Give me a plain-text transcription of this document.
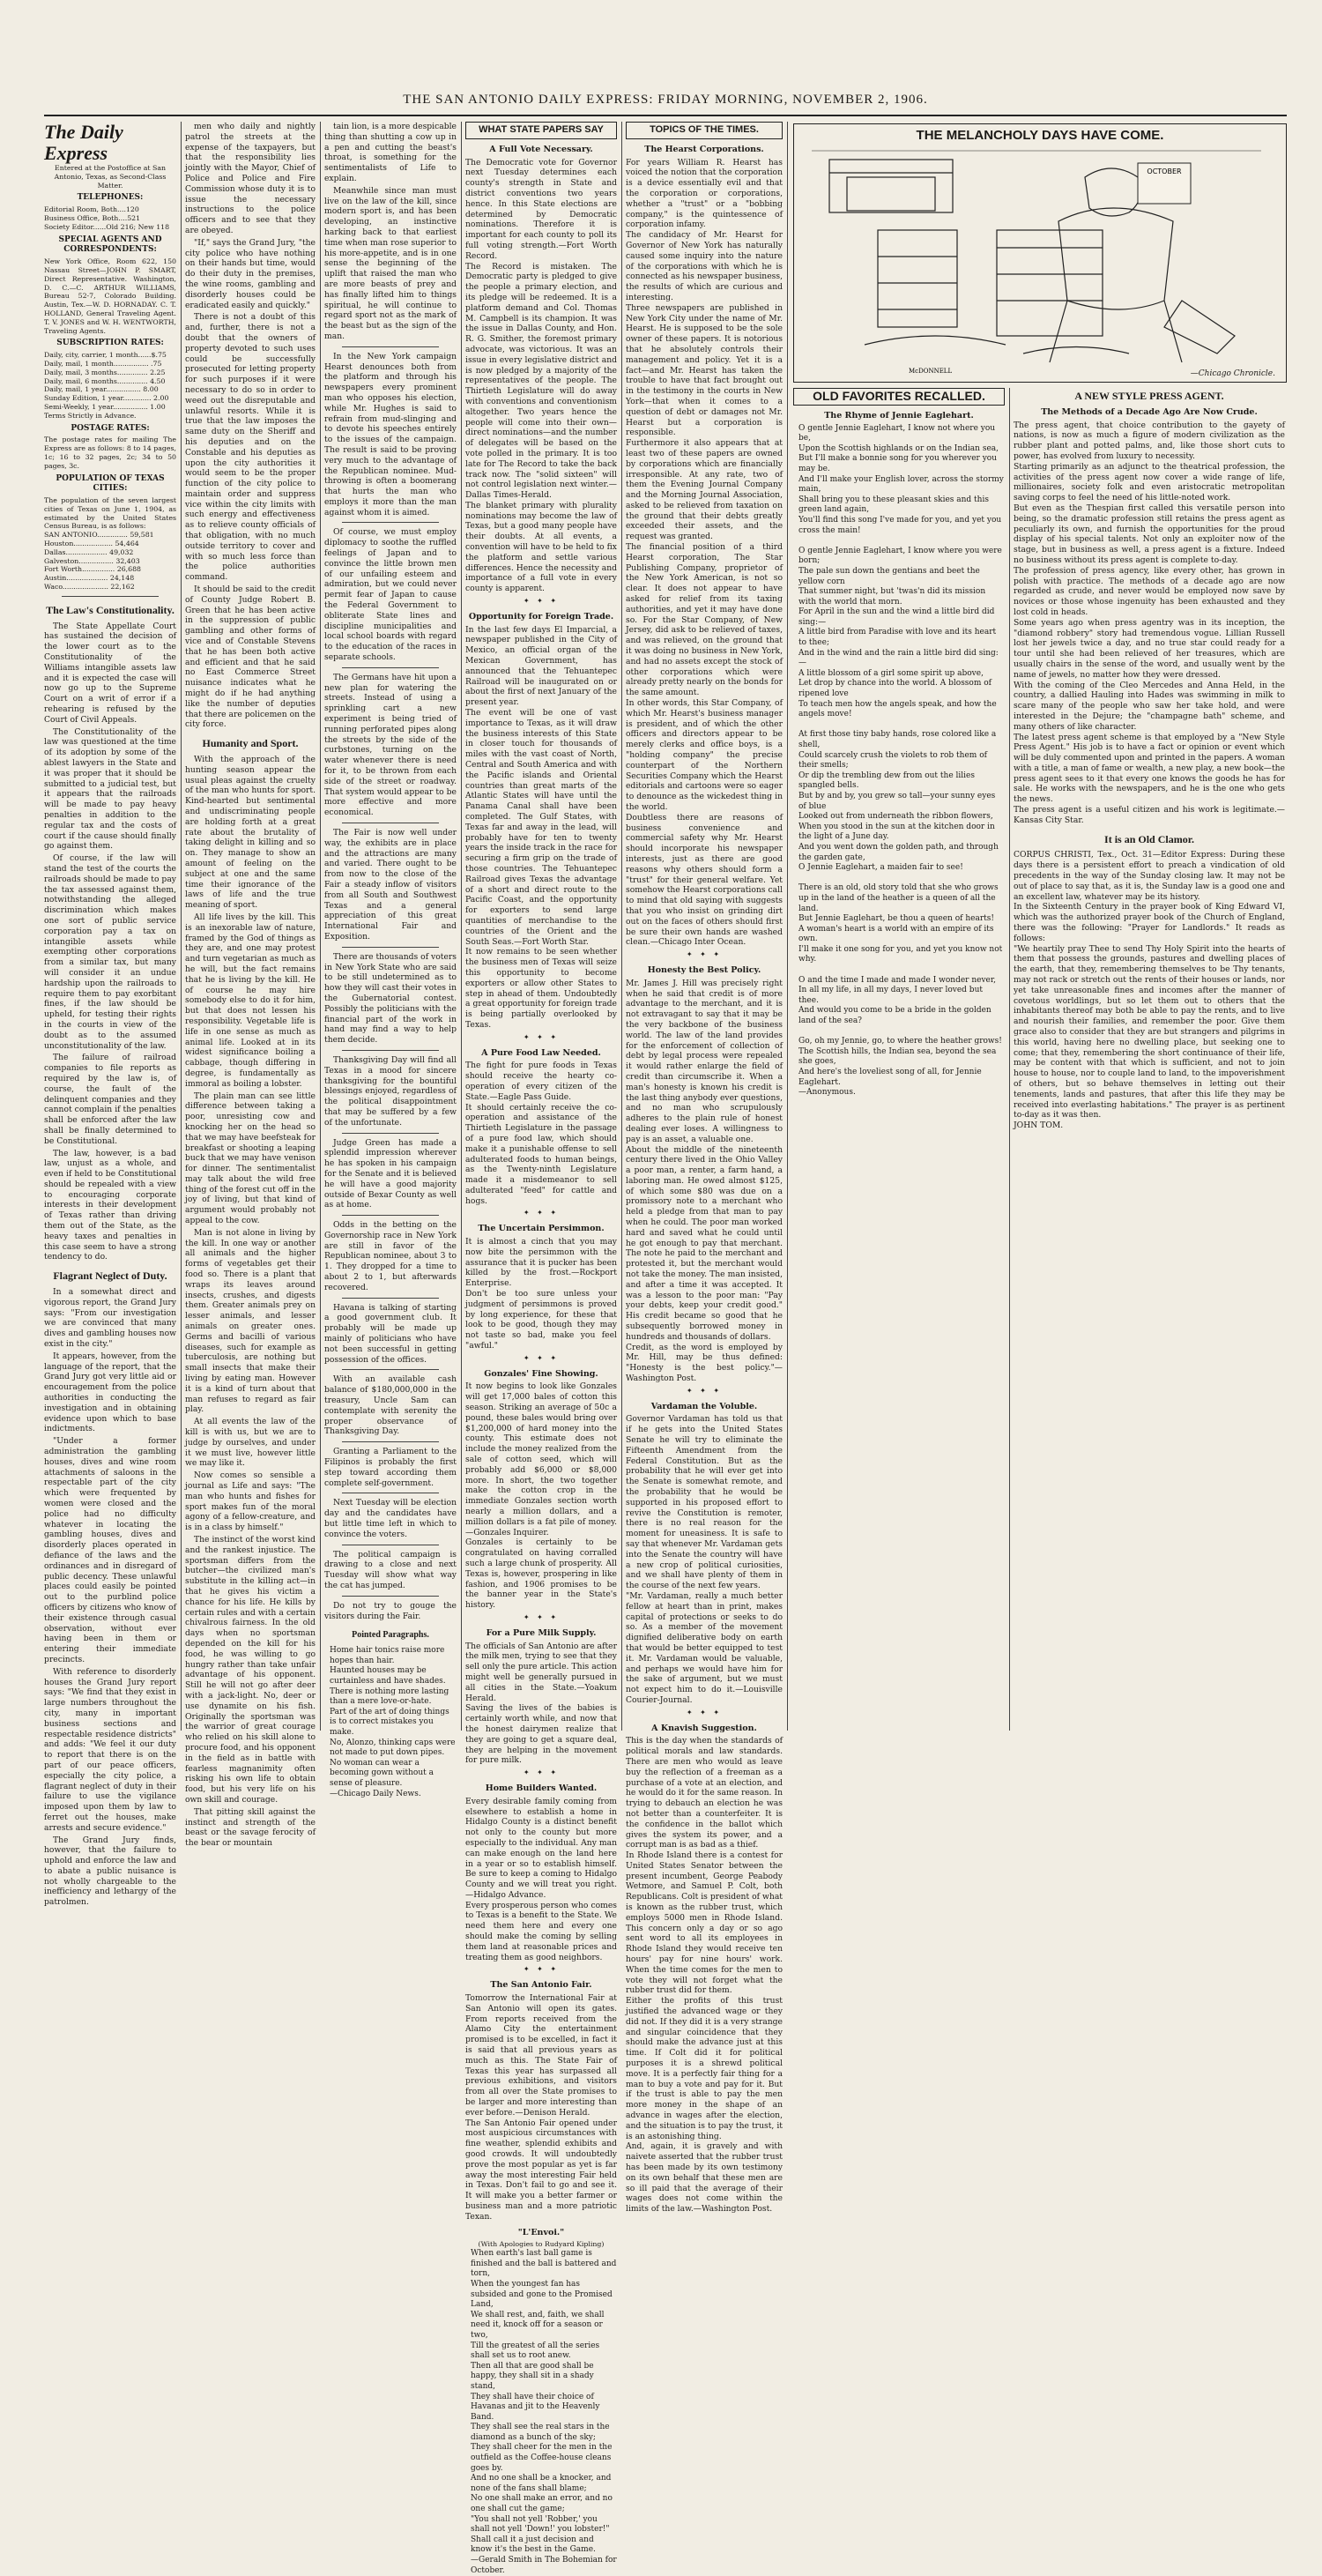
THE SAN ANTONIO DAILY EXPRESS: FRIDAY MORNING, NOVEMBER 2, 1906.
The Daily Express
Entered at the Postoffice at San Antonio, Texas, as Second-Class Matter.
TELEPHONES:
Editorial Room, Both....120
Business Office, Both....521
Society Editor......Old 216; New 118
SPECIAL AGENTS AND CORRESPONDENTS:
New York Office, Room 622, 150 Nassau Street—JOHN P. SMART, Direct Representative. Washington, D. C.—C. ARTHUR WILLIAMS, Bureau 52-7, Colorado Building. Austin, Tex.—W. D. HORNADAY. C. T. HOLLAND, General Traveling Agent. T. V. JONES and W. H. WENTWORTH, Traveling Agents.
SUBSCRIPTION RATES:
Daily, city, carrier, 1 month......$.75
Daily, mail, 1 month................ .75
Daily, mail, 3 months.............. 2.25
Daily, mail, 6 months.............. 4.50
Daily, mail, 1 year................ 8.00
Sunday Edition, 1 year............. 2.00
Semi-Weekly, 1 year................ 1.00
Terms Strictly in Advance.
POSTAGE RATES:
The postage rates for mailing The Express are as follows: 8 to 14 pages, 1c; 16 to 32 pages, 2c; 34 to 50 pages, 3c.
POPULATION OF TEXAS CITIES:
The population of the seven largest cities of Texas on June 1, 1904, as estimated by the United States Census Bureau, is as follows:
SAN ANTONIO.............. 59,581
Houston.................. 54,464
Dallas................... 49,032
Galveston................ 32,403
Fort Worth............... 26,688
Austin................... 24,148
Waco..................... 22,162
The Law's Constitutionality.

The State Appellate Court has sustained the decision of the lower court as to the Constitutionality of the Williams intangible assets law and it is expected the case will now go up to the Supreme Court on a writ of error if a rehearing is refused by the Court of Civil Appeals.

The Constitutionality of the law was questioned at the time of its adoption by some of the ablest lawyers in the State and it was proper that it should be submitted to a judicial test, but it appears that the railroads will be made to pay heavy penalties in addition to the regular tax and the costs of court if the cause should finally go against them.

Of course, if the law will stand the test of the courts the railroads should be made to pay the tax assessed against them, notwithstanding the alleged discrimination which makes one sort of public service corporation pay a tax on intangible assets while exempting other corporations from a similar tax, but many will consider it an undue hardship upon the railroads to require them to pay exorbitant fines, if the law should be upheld, for testing their rights in the courts in view of the doubt as to the assumed unconstitutionality of the law.

The failure of railroad companies to file reports as required by the law is, of course, the fault of the delinquent companies and they cannot complain if the penalties shall be enforced after the law shall be finally determined to be Constitutional.

The law, however, is a bad law, unjust as a whole, and even if held to be Constitutional should be repealed with a view to encouraging corporate interests in their development of Texas rather than driving them out of the State, as the heavy taxes and penalties in this case seem to have a strong tendency to do.

Flagrant Neglect of Duty.

In a somewhat direct and vigorous report, the Grand Jury says: "From our investigation we are convinced that many dives and gambling houses now exist in the city."

It appears, however, from the language of the report, that the Grand Jury got very little aid or encouragement from the police authorities in conducting the investigation and in obtaining evidence upon which to base indictments.

"Under a former administration the gambling houses, dives and wine room attachments of saloons in the respectable part of the city which were frequented by women were closed and the police had no difficulty whatever in locating the gambling houses, dives and disorderly places operated in defiance of the laws and the ordinances and in disregard of public decency. These unlawful places could easily be pointed out to the purblind police officers by citizens who know of their existence through casual observation, without ever having been in them or entering their immediate precincts.

With reference to disorderly houses the Grand Jury report says: "We find that they exist in large numbers throughout the city, many in important business sections and respectable residence districts" and adds: "We feel it our duty to report that there is on the part of our peace officers, especially the city police, a flagrant neglect of duty in their failure to use the vigilance imposed upon them by law to ferret out the houses, make arrests and secure evidence."

The Grand Jury finds, however, that the failure to uphold and enforce the law and to abate a public nuisance is not wholly chargeable to the inefficiency and lethargy of the patrolmen.

men who daily and nightly patrol the streets at the expense of the taxpayers, but that the responsibility lies jointly with the Mayor, Chief of Police and Police and Fire Commission whose duty it is to issue the necessary instructions to the police officers and to see that they are obeyed.

"If," says the Grand Jury, "the city police who have nothing on their hands but time, would do their duty in the premises, the wine rooms, gambling and disorderly houses could be eradicated easily and quickly."

There is not a doubt of this and, further, there is not a doubt that the owners of property devoted to such uses could be successfully prosecuted for letting property for such purposes if it were necessary to do so in order to weed out the disreputable and unlawful resorts. While it is true that the law imposes the same duty on the Sheriff and his deputies and on the Constable and his deputies as upon the city authorities it would seem to be the proper function of the city police to maintain order and suppress vice within the city limits with such energy and effectiveness as to relieve county officials of that obligation, with no much outside territory to cover and with so much less force than the police authorities command.

It should be said to the credit of County Judge Robert B. Green that he has been active in the suppression of public gambling and other forms of vice and of Constable Stevens that he has been both active and efficient and that he said no East Commerce Street nuisance indicates what he might do if he had anything like the number of deputies that there are policemen on the city force.

Humanity and Sport.

With the approach of the hunting season appear the usual pleas against the cruelty of the man who hunts for sport. Kind-hearted but sentimental and undiscriminating people are holding forth at a great rate about the brutality of taking delight in killing and so on. They manage to show an amount of feeling on the subject at one and the same time their ignorance of the laws of life and the true meaning of sport.

All life lives by the kill. This is an inexorable law of nature, framed by the God of things as they are, and one may protest and turn vegetarian as much as he will, but the fact remains that he is living by the kill. He of course he may hire somebody else to do it for him, but that does not lessen his responsibility. Vegetable life is life in one sense as much as animal life. Looked at in its widest significance boiling a cabbage, though differing in degree, is fundamentally as immoral as boiling a lobster.

The plain man can see little difference between taking a poor, unresisting cow and knocking her on the head so that we may have beefsteak for breakfast or shooting a leaping buck that we may have venison for dinner. The sentimentalist may talk about the wild free thing of the forest cut off in the joy of living, but that kind of argument would probably not appeal to the cow.

Man is not alone in living by the kill. In one way or another all animals and the higher forms of vegetables get their food so. There is a plant that wraps its leaves around insects, crushes, and digests them. Greater animals prey on lesser animals, and lesser animals on greater ones. Germs and bacilli of various diseases, such for example as tuberculosis, are nothing but small insects that make their living by eating man. However it is a kind of turn about that man refuses to regard as fair play.

At all events the law of the kill is with us, but we are to judge by ourselves, and under it we must live, however little we may like it.

Now comes so sensible a journal as Life and says: "The man who hunts and fishes for sport makes fun of the moral agony of a fellow-creature, and is in a class by himself."

The instinct of the worst kind and the rankest injustice. The sportsman differs from the butcher—the civilized man's substitute in the killing act—in that he gives his victim a chance for his life. He kills by certain rules and with a certain chivalrous fairness. In the old days when no sportsman depended on the kill for his food, he was willing to go hungry rather than take unfair advantage of his opponent. Still he will not go after deer with a jack-light. No, deer or use dynamite on his fish. Originally the sportsman was the warrior of great courage who relied on his skill alone to procure food, and his opponent in the field as in battle with fearless magnanimity often risking his own life to obtain food, but his very life on his own skill and courage.

That pitting skill against the instinct and strength of the beast or the savage ferocity of the bear or mountain

tain lion, is a more despicable thing than shutting a cow up in a pen and cutting the beast's throat, is something for the sentimentalists of Life to explain.

Meanwhile since man must live on the law of the kill, since modern sport is, and has been developing, an instinctive harking back to that earliest time when man rose superior to his more-appetite, and is in one sense the beginning of the uplift that raised the man who are more beasts of prey and has finally lifted him to things spiritual, he will continue to regard sport not as the mark of the beast but as the sign of the man.

In the New York campaign Hearst denounces both from the platform and through his newspapers every prominent man who opposes his election, while Mr. Hughes is said to refrain from mud-slinging and to devote his speeches entirely to the issues of the campaign. The result is said to be proving very much to the advantage of the Republican nominee. Mud-throwing is often a boomerang that hurts the man who employs it more than the man against whom it is aimed.

Of course, we must employ diplomacy to soothe the ruffled feelings of Japan and to convince the little brown men of our unfailing esteem and admiration, but we could never permit fear of Japan to cause the Federal Government to obliterate State lines and discipline municipalities and local school boards with regard to the education of the races in separate schools.

The Germans have hit upon a new plan for watering the streets. Instead of using a sprinkling cart a new experiment is being tried of running perforated pipes along the streets by the side of the curbstones, turning on the water whenever there is need for it, to be thrown from each side of the street or roadway. That system would appear to be more effective and more economical.

The Fair is now well under way, the exhibits are in place and the attractions are many and varied. There ought to be from now to the close of the Fair a steady inflow of visitors from all South and Southwest Texas and a general appreciation of this great International Fair and Exposition.

There are thousands of voters in New York State who are said to be still undetermined as to how they will cast their votes in the Gubernatorial contest. Possibly the politicians with the financial part of the work in hand may find a way to help them decide.

Thanksgiving Day will find all Texas in a mood for sincere thanksgiving for the bountiful blessings enjoyed, regardless of the political disappointment that may be suffered by a few of the unfortunate.

Judge Green has made a splendid impression wherever he has spoken in his campaign for the Senate and it is believed he will have a good majority outside of Bexar County as well as at home.

Odds in the betting on the Governorship race in New York are still in favor of the Republican nominee, about 3 to 1. They dropped for a time to about 2 to 1, but afterwards recovered.

Havana is talking of starting a good government club. It probably will be made up mainly of politicians who have not been successful in getting possession of the offices.

With an available cash balance of $180,000,000 in the treasury, Uncle Sam can contemplate with serenity the proper observance of Thanksgiving Day.

Granting a Parliament to the Filipinos is probably the first step toward according them complete self-government.

Next Tuesday will be election day and the candidates have but little time left in which to convince the voters.

The political campaign is drawing to a close and next Tuesday will show what way the cat has jumped.

Do not try to gouge the visitors during the Fair.

Pointed Paragraphs.
Home hair tonics raise more hopes than hair.
Haunted houses may be curtainless and have shades.
There is nothing more lasting than a mere love-or-hate.
Part of the art of doing things is to correct mistakes you make.
No, Alonzo, thinking caps were not made to put down pipes.
No woman can wear a becoming gown without a sense of pleasure.
—Chicago Daily News.
WHAT STATE PAPERS SAY
A Full Vote Necessary.
The Democratic vote for Governor next Tuesday determines each county's strength in State and district conventions two years hence. In this State elections are determined by Democratic nominations. Therefore it is important for each county to poll its full voting strength.—Fort Worth Record.
The Record is mistaken. The Democratic party is pledged to give the people a primary election, and its pledge will be redeemed. It is a platform demand and Col. Thomas M. Campbell is its champion. It was the issue in Dallas County, and Hon. R. G. Smither, the foremost primary advocate, was victorious. It was an issue in every legislative district and is now pledged by a majority of the representatives of the people. The Thirtieth Legislature will do away with conventions and conventionism altogether. Two years hence the people will come into their own—direct nominations—and the number of delegates will be based on the vote polled in the primary. It is too late for The Record to take the back track now. The "solid sixteen" will not control legislation next winter.—Dallas Times-Herald.
The blanket primary with plurality nominations may become the law of Texas, but a good many people have their doubts. At all events, a convention will have to be held to fix the platform and settle various differences. Hence the necessity and importance of a full vote in every county is apparent.
✦ ✦ ✦
Opportunity for Foreign Trade.
In the last few days El Imparcial, a newspaper published in the City of Mexico, an official organ of the Mexican Government, has announced that the Tehuantepec Railroad will be inaugurated on or about the first of next January of the present year.
The event will be one of vast importance to Texas, as it will draw the business interests of this State in closer touch for thousands of miles with the vast coast of North, Central and South America and with the Pacific islands and Oriental countries than great marts of the Atlantic States will have until the Panama Canal shall have been completed. The Gulf States, with Texas far and away in the lead, will probably have for ten to twenty years the inside track in the race for securing a firm grip on the trade of those countries. The Tehuantepec Railroad gives Texas the advantage of a short and direct route to the Pacific Coast, and the opportunity for exporters to send large quantities of merchandise to the countries of the Orient and the South Seas.—Fort Worth Star.
It now remains to be seen whether the business men of Texas will seize this opportunity to become exporters or allow other States to step in ahead of them. Undoubtedly a great opportunity for foreign trade is being partially overlooked by Texas.
✦ ✦ ✦
A Pure Food Law Needed.
The fight for pure foods in Texas should receive the hearty co-operation of every citizen of the State.—Eagle Pass Guide.
It should certainly receive the co-operation and assistance of the Thirtieth Legislature in the passage of a pure food law, which should make it a punishable offense to sell adulterated foods to human beings, as the Twenty-ninth Legislature made it a misdemeanor to sell adulterated "feed" for cattle and hogs.
✦ ✦ ✦
The Uncertain Persimmon.
It is almost a cinch that you may now bite the persimmon with the assurance that it is pucker has been killed by the frost.—Rockport Enterprise.
Don't be too sure unless your judgment of persimmons is proved by long experience, for these that look to be good, though they may not taste so bad, make you feel "awful."
✦ ✦ ✦
Gonzales' Fine Showing.
It now begins to look like Gonzales will get 17,000 bales of cotton this season. Striking an average of 50c a pound, these bales would bring over $1,200,000 of hard money into the county. This estimate does not include the money realized from the sale of cotton seed, which will probably add $6,000 or $8,000 more. In short, the two together make the cotton crop in the immediate Gonzales section worth nearly a million dollars, and a million dollars is a fat pile of money.—Gonzales Inquirer.
Gonzales is certainly to be congratulated on having corralled such a large chunk of prosperity. All Texas is, however, prospering in like fashion, and 1906 promises to be the banner year in the State's history.
✦ ✦ ✦
For a Pure Milk Supply.
The officials of San Antonio are after the milk men, trying to see that they sell only the pure article. This action might well be generally pursued in all cities in the State.—Yoakum Herald.
Saving the lives of the babies is certainly worth while, and now that the honest dairymen realize that they are going to get a square deal, they are helping in the movement for pure milk.
✦ ✦ ✦
Home Builders Wanted.
Every desirable family coming from elsewhere to establish a home in Hidalgo County is a distinct benefit not only to the county but more especially to the individual. Any man can make enough on the land here in a year or so to establish himself. Be sure to keep a coming to Hidalgo County and we will treat you right.—Hidalgo Advance.
Every prosperous person who comes to Texas is a benefit to the State. We need them here and every one should make the coming by selling them land at reasonable prices and treating them as good neighbors.
✦ ✦ ✦
The San Antonio Fair.
Tomorrow the International Fair at San Antonio will open its gates. From reports received from the Alamo City the entertainment promised is to be excelled, in fact it is said that all previous years as much as this. The State Fair of Texas this year has surpassed all previous exhibitions, and visitors from all over the State promises to be larger and more interesting than ever before.—Denison Herald.
The San Antonio Fair opened under most auspicious circumstances with fine weather, splendid exhibits and good crowds. It will undoubtedly prove the most popular as yet is far away the most interesting Fair held in Texas. Don't fail to go and see it. It will make you a better farmer or business man and a more patriotic Texan.
"L'Envoi."
(With Apologies to Rudyard Kipling)
When earth's last ball game is finished and the ball is battered and torn,
When the youngest fan has subsided and gone to the Promised Land,
We shall rest, and, faith, we shall need it, knock off for a season or two,
Till the greatest of all the series shall set us to root anew.
Then all that are good shall be happy, they shall sit in a shady stand,
They shall have their choice of Havanas and jit to the Heavenly Band.
They shall see the real stars in the diamond as a bunch of the sky;
They shall cheer for the men in the outfield as the Coffee-house cleans goes by.
And no one shall be a knocker, and none of the fans shall blame;
No one shall make an error, and no one shall cut the game;
"You shall not yell 'Robber,' you shall not yell 'Down!' you lobster!"
Shall call it a just decision and know it's the best in the Game.
—Gerald Smith in The Bohemian for October.
TOPICS OF THE TIMES.
The Hearst Corporations.
For years William R. Hearst has voiced the notion that the corporation is a device essentially evil and that the corporation or corporations, whether a "trust" or a "bobbing company," is the quintessence of corporation infamy.
The candidacy of Mr. Hearst for Governor of New York has naturally caused some inquiry into the nature of the corporations with which he is connected as his newspaper business, the results of which are curious and interesting.
Three newspapers are published in New York City under the name of Mr. Hearst. He is supposed to be the sole owner of these papers. It is notorious that he absolutely controls their management and policy. Yet it is a fact—and Mr. Hearst has taken the trouble to have that fact brought out in the testimony in the courts in New York—that when it comes to a question of debt or damages not Mr. Hearst but a corporation is responsible.
Furthermore it also appears that at least two of these papers are owned by corporations which are financially irresponsible. At any rate, two of them the Evening Journal Company and the Morning Journal Association, asked to be relieved from taxation on the ground that their debts greatly exceeded their assets, and the request was granted.
The financial position of a third Hearst corporation, The Star Publishing Company, proprietor of the New York American, is not so clear. It does not appear to have asked for relief from its taxing authorities, and yet it may have done so. For the Star Company, of New Jersey, did ask to be relieved of taxes, and was relieved, on the ground that it was doing no business in New York, and had no assets except the stock of other corporations which were already pretty nearly on the bonds for the same amount.
In other words, this Star Company, of which Mr. Hearst's business manager is president, and of which the other officers and directors appear to be merely clerks and office boys, is a "holding company" the precise counterpart of the Northern Securities Company which the Hearst editorials and cartoons were so eager to denounce as the wickedest thing in the world.
Doubtless there are reasons of business convenience and commercial safety why Mr. Hearst should incorporate his newspaper interests, just as there are good reasons why others should form a "trust" for their general welfare. Yet somehow the Hearst corporations call to mind that old saying with suggests that you who insist on grinding dirt out on the faces of others should first be sure their own hands are washed clean.—Chicago Inter Ocean.
✦ ✦ ✦
Honesty the Best Policy.
Mr. James J. Hill was precisely right when he said that credit is of more advantage to the merchant, and it is not extravagant to say that it may be the very backbone of the business world. The law of the land provides for the enforcement of collection of debt by legal process were repealed it would rather enlarge the field of credit than circumscribe it. When a man's honesty is known his credit is the last thing anybody ever questions, and no man who scrupulously adheres to the plain rule of honest dealing ever loses. A willingness to pay is an asset, a valuable one.
About the middle of the nineteenth century there lived in the Ohio Valley a poor man, a renter, a farm hand, a laboring man. He owed almost $125, of which some $80 was due on a promissory note to a merchant who held a pledge from that man to pay when he could. The poor man worked hard and saved what he could until he got enough to pay that merchant. The note he paid to the merchant and protested it, but the merchant would not take the money. The man insisted, and after a time it was accepted. It was a lesson to the poor man: "Pay your debts, keep your credit good." His credit became so good that he subsequently borrowed money in hundreds and thousands of dollars.
Credit, as the word is employed by Mr. Hill, may be thus defined: "Honesty is the best policy."—Washington Post.
✦ ✦ ✦
Vardaman the Voluble.
Governor Vardaman has told us that if he gets into the United States Senate he will try to eliminate the Fifteenth Amendment from the Federal Constitution. But as the probability that he will ever get into the Senate is somewhat remote, and the probability that he would be supported in his proposed effort to revive the Constitution is remoter, there is no real reason for the moment for uneasiness. It is safe to say that whenever Mr. Vardaman gets into the Senate the country will have a new crop of political curiosities, and we shall have plenty of them in the course of the next few years.
"Mr. Vardaman, really a much better fellow at heart than in print, makes capital of protections or seeks to do so. As a member of the movement dignified deliberative body on earth that would be better equipped to test it. Mr. Vardaman would be valuable, and perhaps we would have him for the sake of argument, but we must not expect him to do it.—Louisville Courier-Journal.
✦ ✦ ✦
A Knavish Suggestion.
This is the day when the standards of political morals and law standards. There are men who would as leave buy the reflection of a freeman as a purchase of a vote at an election, and he would do it for the same reason. In trying to debauch an election he was not better than a counterfeiter. It is the confidence in the ballot which gives the system its power, and a corrupt man is as bad as a thief.
In Rhode Island there is a contest for United States Senator between the present incumbent, George Peabody Wetmore, and Samuel P. Colt, both Republicans. Colt is president of what is known as the rubber trust, which employs 5000 men in Rhode Island. This concern only a day or so ago sent word to all its employees in Rhode Island they would receive ten hours' pay for nine hours' work. When the time comes for the men to vote they will not forget what the rubber trust did for them.
Either the profits of this trust justified the advanced wage or they did not. If they did it is a very strange and singular coincidence that they should make the advance just at this time. If Colt did it for political purposes it is a shrewd political move. It is a perfectly fair thing for a man to buy a vote and pay for it. But if the trust is able to pay the men more money in the shape of an advance in wages after the election, and the situation is to pay the trust, it is an astonishing thing.
And, again, it is gravely and with naivete asserted that the rubber trust has been made by its own testimony on its own behalf that these men are so ill paid that the average of their wages does not come within the limits of the law.—Washington Post.
THE MELANCHOLY DAYS HAVE COME.
OCTOBER
McDONNELL	—Chicago Chronicle.
OLD FAVORITES RECALLED.
The Rhyme of Jennie Eaglehart.
O gentle Jennie Eaglehart, I know not where you be,
Upon the Scottish highlands or on the Indian sea,
But I'll make a bonnie song for you wherever you may be.
And I'll make your English lover, across the stormy main,
Shall bring you to these pleasant skies and this green land again,
You'll find this song I've made for you, and yet you cross the main!

O gentle Jennie Eaglehart, I know where you were born;
The pale sun down the gentians and beet the yellow corn
That summer night, but 'twas'n did its mission with the world that morn.
For April in the sun and the wind a little bird did sing:—
A little bird from Paradise with love and its heart to thee;
And in the wind and the rain a little bird did sing:—
A little blossom of a girl some spirit up above,
Let drop by chance into the world. A blossom of ripened love
To teach men how the angels speak, and how the angels move!

At first those tiny baby hands, rose colored like a shell,
Could scarcely crush the violets to rob them of their smells;
Or dip the trembling dew from out the lilies spangled bells.
But by and by, you grew so tall—your sunny eyes of blue
Looked out from underneath the ribbon flowers,
When you stood in the sun at the kitchen door in the light of a June day.
And you went down the golden path, and through the garden gate,
O Jennie Eaglehart, a maiden fair to see!

There is an old, old story told that she who grows up in the land of the heather is a queen of all the land.
But Jennie Eaglehart, be thou a queen of hearts!
A woman's heart is a world with an empire of its own.
I'll make it one song for you, and yet you know not why.

O and the time I made and made I wonder never,
In all my life, in all my days, I never loved but thee.
And would you come to be a bride in the golden land of the sea?

Go, oh my Jennie, go, to where the heather grows!
The Scottish hills, the Indian sea, beyond the sea she goes,
And here's the loveliest song of all, for Jennie Eaglehart.
—Anonymous.
A NEW STYLE PRESS AGENT.
The Methods of a Decade Ago Are Now Crude.
The press agent, that choice contribution to the gayety of nations, is now as much a figure of modern civilization as the rubber plant and potted palms, and, like those short cuts to power, has evolved from luxury to necessity.
Starting primarily as an adjunct to the theatrical profession, the activities of the press agent now cover a wide range of life, millionaires, society folk and even aristocratic metropolitan saving corps to feel the need of his little-noted work.
But even as the Thespian first called this versatile person into being, so the dramatic profession still retains the press agent as peculiarly its own, and furnish the opportunities for the proud display of his special talents. Not only an exploiter now of the stage, but in business as well, a press agent is a fixture. Indeed no business without its press agent is complete to-day.
The profession of press agency, like every other, has grown in polish with practice. The methods of a decade ago are now regarded as crude, and never would be employed now save by novices or those whose ingenuity has been exhausted and they lost cold in heads.
Some years ago when press agentry was in its inception, the "diamond robbery" story had tremendous vogue. Lillian Russell lost her jewels twice a day, and no true star could ready for a tour until she had been relieved of her treasures, which are usually chairs in the sense of the word, and usually went by the name of jewels, no matter how they were dressed.
With the coming of the Cleo Mercedes and Anna Held, in the country, a dallied Hauling into Hades was swimming in milk to scare many of the people who saw her take hold, and were interested in the Dejure; the "champagne bath" scheme, and many others of like character.
The latest press agent scheme is that employed by a "New Style Press Agent." His job is to have a fact or opinion or event which will be duly commented upon and printed in the papers. A woman with a title, a man of fame or wealth, a new play, a new book—the press agent sees to it that every one knows the goods he has for sale. He works with the newspapers, and he is the one who gets the news.
The press agent is a useful citizen and his work is legitimate.—Kansas City Star.
It is an Old Clamor.
CORPUS CHRISTI, Tex., Oct. 31—Editor Express: During these days there is a persistent effort to preach a vindication of old precedents in the way of the Sunday closing law. It may not be out of place to say that, as it is, the Sunday law is a good one and an excellent law, whatever may be its history.
In the Sixteenth Century in the prayer book of King Edward VI, which was the authorized prayer book of the Church of England, there was the following: "Prayer for Landlords." It reads as follows:
"We heartily pray Thee to send Thy Holy Spirit into the hearts of them that possess the grounds, pastures and dwelling places of the earth, that they, remembering themselves to be Thy tenants, may not rack or stretch out the rents of their houses or lands, nor yet take unreasonable fines and incomes after the manner of covetous worldlings, but so let them out to others that the inhabitants thereof may both be able to pay the rents, and to live and nourish their families, and remember the poor. Give them grace also to consider that they are but strangers and pilgrims in this world, having here no dwelling place, but seeking one to come; that they, remembering the short continuance of their life, may be content with that which is sufficient, and not to join house to house, nor to couple land to land, to the impoverishment of others, but so behave themselves in letting out their tenements, lands and pastures, that after this life they may be received into everlasting habitations." The prayer is as pertinent to-day as it was then.
JOHN TOM.
